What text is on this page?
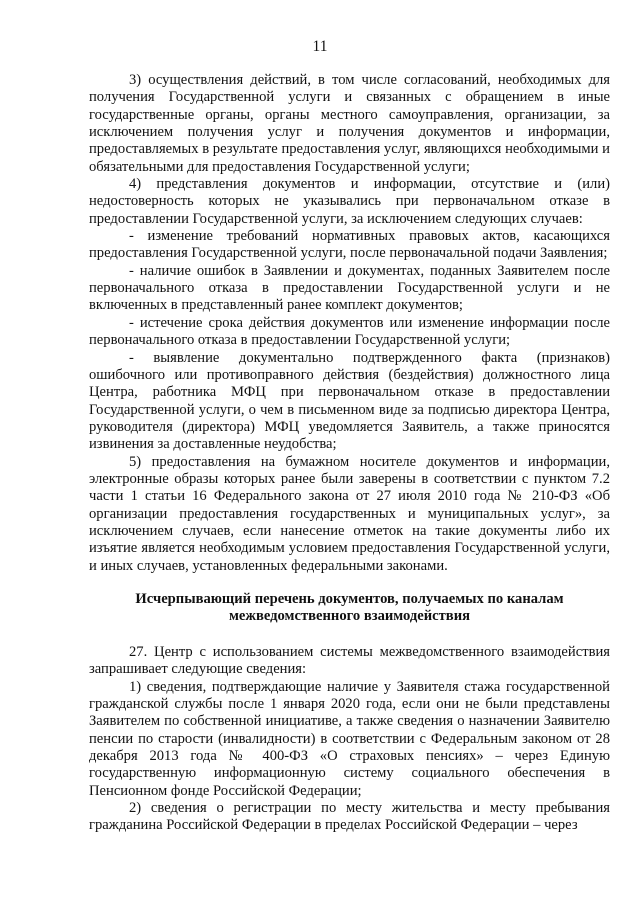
11

3) осуществления действий, в том числе согласований, необходимых для получения Государственной услуги и связанных с обращением в иные государственные органы, органы местного самоуправления, организации, за исключением получения услуг и получения документов и информации, предоставляемых в результате предоставления услуг, являющихся необходимыми и обязательными для предоставления Государственной услуги;

4) представления документов и информации, отсутствие и (или) недостоверность которых не указывались при первоначальном отказе в предоставлении Государственной услуги, за исключением следующих случаев:

- изменение требований нормативных правовых актов, касающихся предоставления Государственной услуги, после первоначальной подачи Заявления;

- наличие ошибок в Заявлении и документах, поданных Заявителем после первоначального отказа в предоставлении Государственной услуги и не включенных в представленный ранее комплект документов;

- истечение срока действия документов или изменение информации после первоначального отказа в предоставлении Государственной услуги;

- выявление документально подтвержденного факта (признаков) ошибочного или противоправного действия (бездействия) должностного лица Центра, работника МФЦ при первоначальном отказе в предоставлении Государственной услуги, о чем в письменном виде за подписью директора Центра, руководителя (директора) МФЦ уведомляется Заявитель, а также приносятся извинения за доставленные неудобства;

5) предоставления на бумажном носителе документов и информации, электронные образы которых ранее были заверены в соответствии с пунктом 7.2 части 1 статьи 16 Федерального закона от 27 июля 2010 года № 210-ФЗ «Об организации предоставления государственных и муниципальных услуг», за исключением случаев, если нанесение отметок на такие документы либо их изъятие является необходимым условием предоставления Государственной услуги, и иных случаев, установленных федеральными законами.

Исчерпывающий перечень документов, получаемых по каналам межведомственного взаимодействия

27. Центр с использованием системы межведомственного взаимодействия запрашивает следующие сведения:

1) сведения, подтверждающие наличие у Заявителя стажа государственной гражданской службы после 1 января 2020 года, если они не были представлены Заявителем по собственной инициативе, а также сведения о назначении Заявителю пенсии по старости (инвалидности) в соответствии с Федеральным законом от 28 декабря 2013 года № 400-ФЗ «О страховых пенсиях» – через Единую государственную информационную систему социального обеспечения в Пенсионном фонде Российской Федерации;

2) сведения о регистрации по месту жительства и месту пребывания гражданина Российской Федерации в пределах Российской Федерации – через
